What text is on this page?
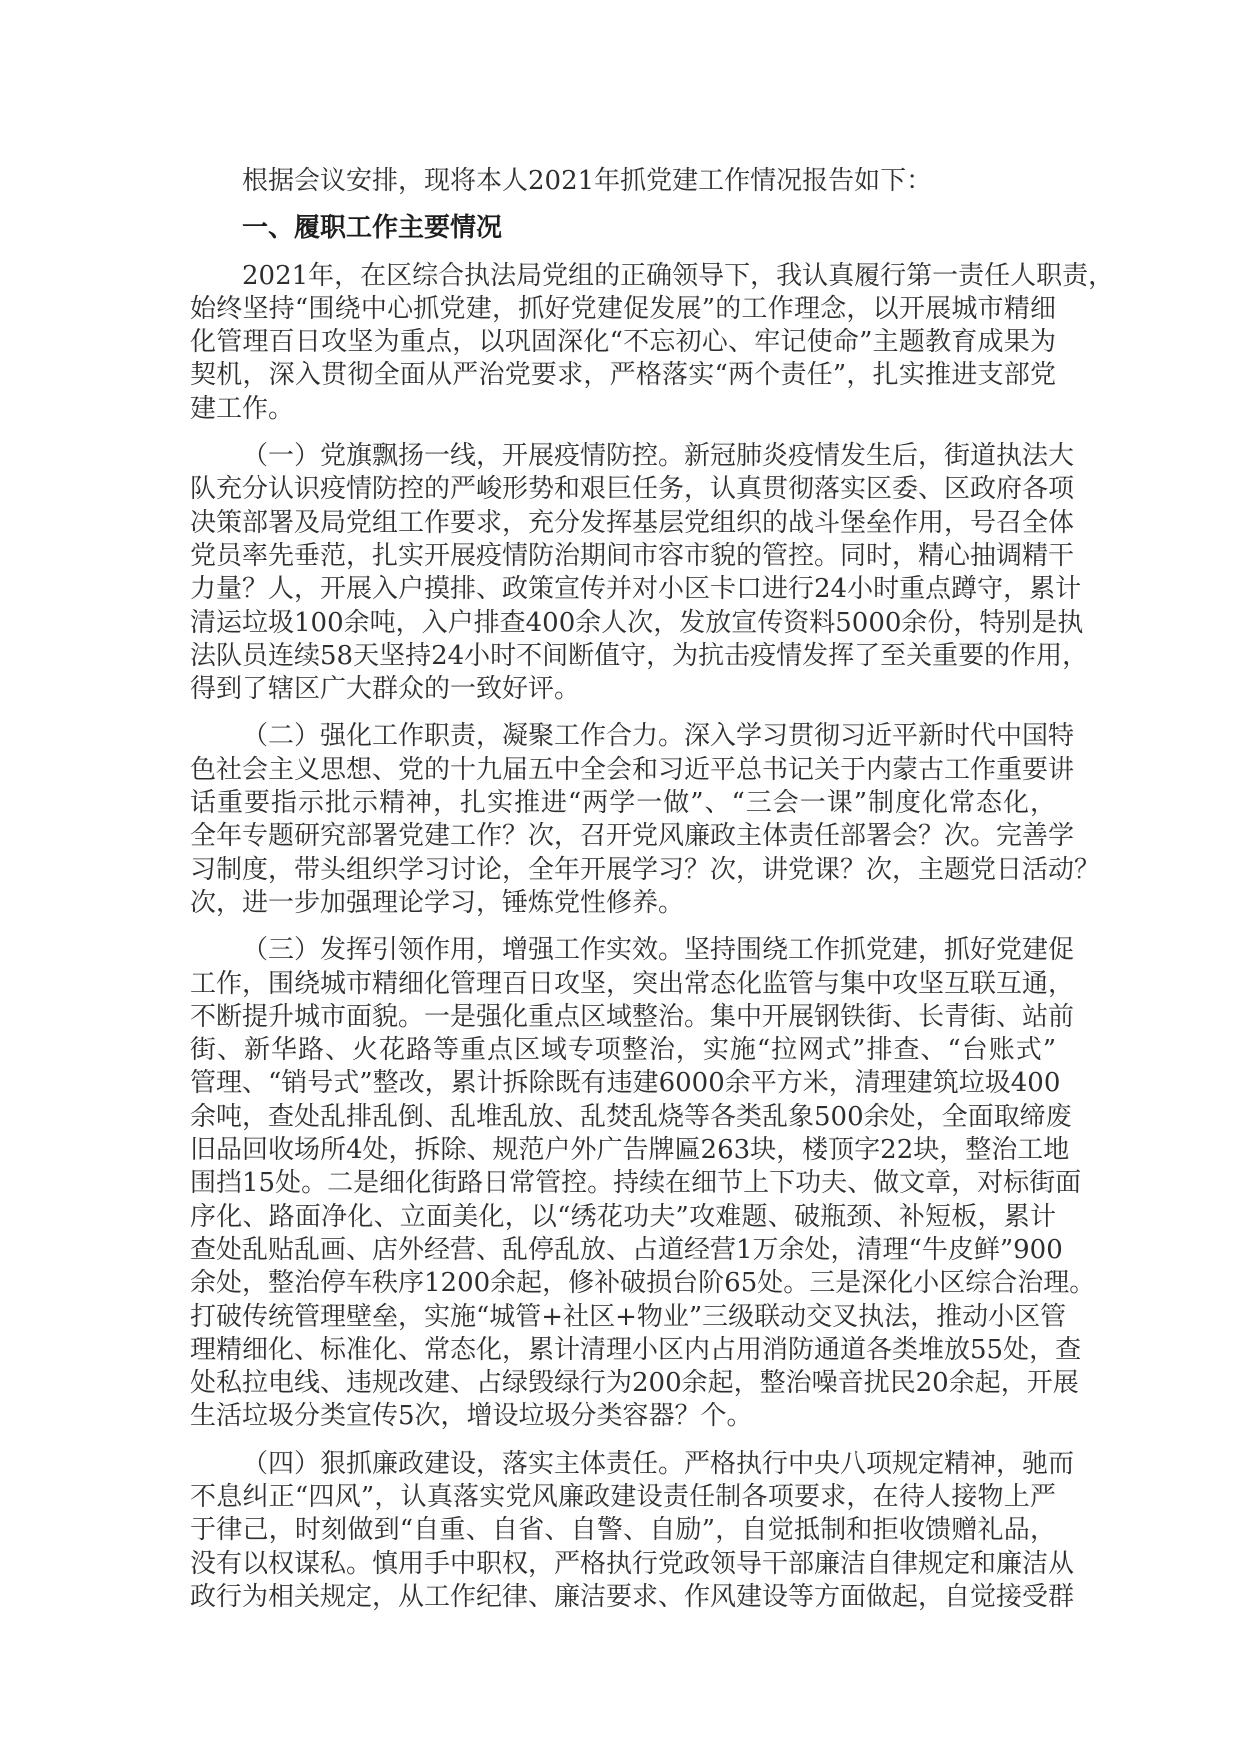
根据会议安排，现将本人2021年抓党建工作情况报告如下：
一、履职工作主要情况
2021年，在区综合执法局党组的正确领导下，我认真履行第一责任人职责，
始终坚持“围绕中心抓党建，抓好党建促发展”的工作理念，以开展城市精细
化管理百日攻坚为重点，以巩固深化“不忘初心、牢记使命”主题教育成果为
契机，深入贯彻全面从严治党要求，严格落实“两个责任”，扎实推进支部党
建工作。
（一）党旗飘扬一线，开展疫情防控。新冠肺炎疫情发生后，街道执法大
队充分认识疫情防控的严峻形势和艰巨任务，认真贯彻落实区委、区政府各项
决策部署及局党组工作要求，充分发挥基层党组织的战斗堡垒作用，号召全体
党员率先垂范，扎实开展疫情防治期间市容市貌的管控。同时，精心抽调精干
力量？人，开展入户摸排、政策宣传并对小区卡口进行24小时重点蹲守，累计
清运垃圾100余吨，入户排查400余人次，发放宣传资料5000余份，特别是执
法队员连续58天坚持24小时不间断值守，为抗击疫情发挥了至关重要的作用，
得到了辖区广大群众的一致好评。
（二）强化工作职责，凝聚工作合力。深入学习贯彻习近平新时代中国特
色社会主义思想、党的十九届五中全会和习近平总书记关于内蒙古工作重要讲
话重要指示批示精神，扎实推进“两学一做”、“三会一课”制度化常态化，
全年专题研究部署党建工作？次，召开党风廉政主体责任部署会？次。完善学
习制度，带头组织学习讨论，全年开展学习？次，讲党课？次，主题党日活动？
次，进一步加强理论学习，锤炼党性修养。
（三）发挥引领作用，增强工作实效。坚持围绕工作抓党建，抓好党建促
工作，围绕城市精细化管理百日攻坚，突出常态化监管与集中攻坚互联互通，
不断提升城市面貌。一是强化重点区域整治。集中开展钢铁街、长青街、站前
街、新华路、火花路等重点区域专项整治，实施“拉网式”排查、“台账式”
管理、“销号式”整改，累计拆除既有违建6000余平方米，清理建筑垃圾400
余吨，查处乱排乱倒、乱堆乱放、乱焚乱烧等各类乱象500余处，全面取缔废
旧品回收场所4处，拆除、规范户外广告牌匾263块，楼顶字22块，整治工地
围挡15处。二是细化街路日常管控。持续在细节上下功夫、做文章，对标街面
序化、路面净化、立面美化，以“绣花功夫”攻难题、破瓶颈、补短板，累计
查处乱贴乱画、店外经营、乱停乱放、占道经营1万余处，清理“牛皮鲜”900
余处，整治停车秩序1200余起，修补破损台阶65处。三是深化小区综合治理。
打破传统管理壁垒，实施“城管+社区+物业”三级联动交叉执法，推动小区管
理精细化、标准化、常态化，累计清理小区内占用消防通道各类堆放55处，查
处私拉电线、违规改建、占绿毁绿行为200余起，整治噪音扰民20余起，开展
生活垃圾分类宣传5次，增设垃圾分类容器？个。
（四）狠抓廉政建设，落实主体责任。严格执行中央八项规定精神，驰而
不息纠正“四风”，认真落实党风廉政建设责任制各项要求，在待人接物上严
于律己，时刻做到“自重、自省、自警、自励”，自觉抵制和拒收馈赠礼品，
没有以权谋私。慎用手中职权，严格执行党政领导干部廉洁自律规定和廉洁从
政行为相关规定，从工作纪律、廉洁要求、作风建设等方面做起，自觉接受群
